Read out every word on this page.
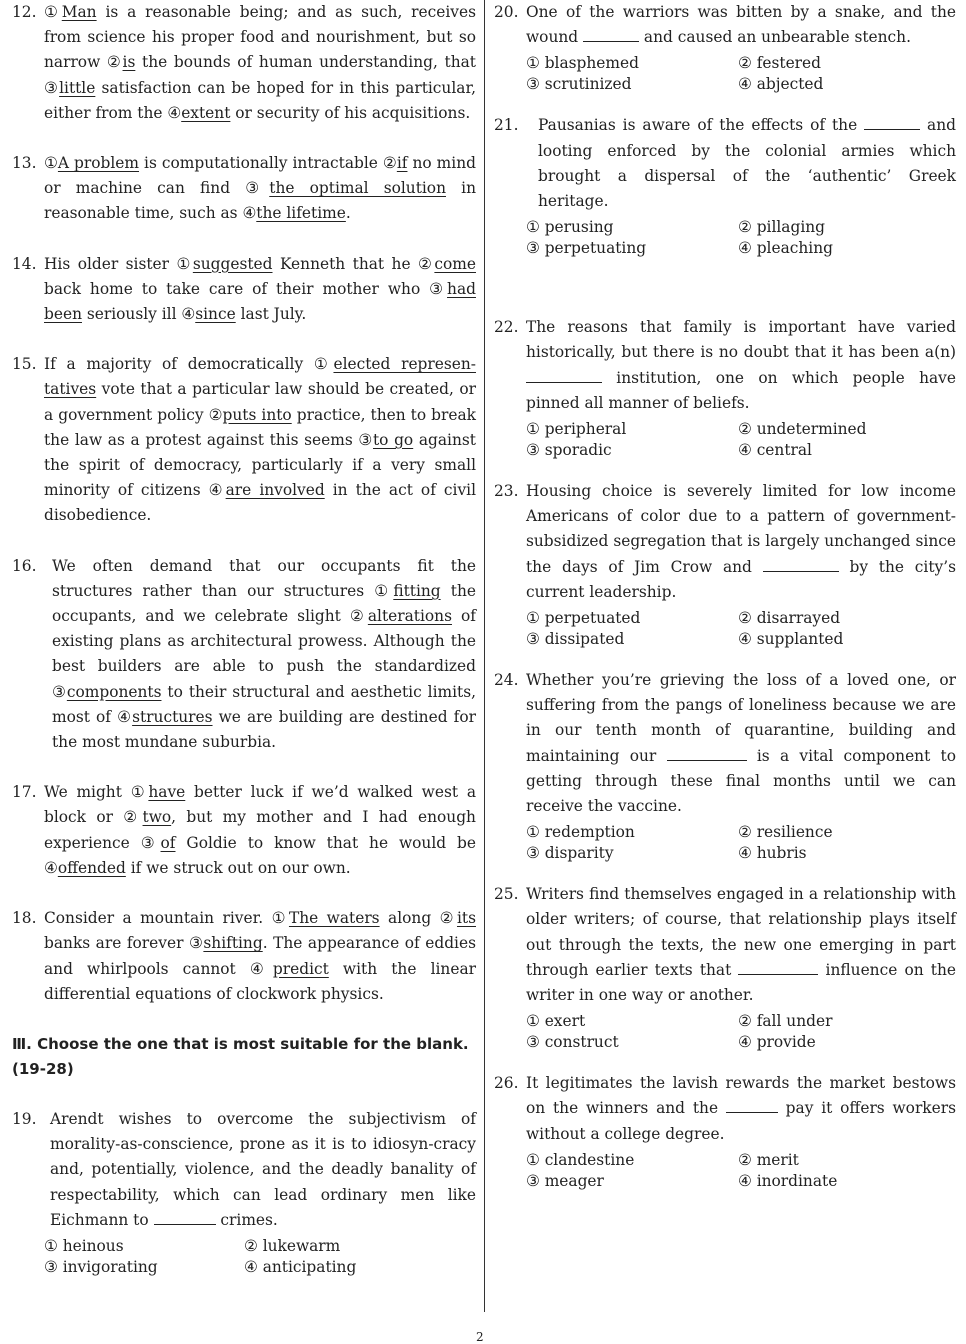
12. ①Man is a reasonable being; and as such, receives from science his proper food and nourishment, but so narrow ②is the bounds of human understanding, that ③little satisfaction can be hoped for in this particular, either from the ④extent or security of his acquisitions.
13. ①A problem is computationally intractable ②if no mind or machine can find ③the optimal solution in reasonable time, such as ④the lifetime.
14. His older sister ①suggested Kenneth that he ②come back home to take care of their mother who ③had been seriously ill ④since last July.
15. If a majority of democratically ①elected represen-tatives vote that a particular law should be created, or a government policy ②puts into practice, then to break the law as a protest against this seems ③to go against the spirit of democracy, particularly if a very small minority of citizens ④are involved in the act of civil disobedience.
16.	We often demand that our occupants fit the structures rather than our structures ①fitting the occupants, and we celebrate slight ②alterations of existing plans as architectural prowess. Although the best builders are able to push the standardized ③components to their structural and aesthetic limits, most of ④structures we are building are destined for the most mundane suburbia.
17. We might ①have better luck if we’d walked west a block or ②two, but my mother and I had enough experience ③of Goldie to know that he would be ④offended if we struck out on our own.
18. Consider a mountain river. ①The waters along ②its banks are forever ③shifting. The appearance of eddies and whirlpools cannot ④predict with the linear differential equations of clockwork physics.
Ⅲ. Choose the one that is most suitable for the blank. (19-28)
19. Arendt wishes to overcome the subjectivism of morality-as-conscience, prone as it is to idiosyn-cracy and, potentially, violence, and the deadly banality of respectability, which can lead ordinary men like Eichmann to	crimes.
① heinous	② lukewarm
③ invigorating	④ anticipating
20. One of the warriors was bitten by a snake, and the wound	and caused an unbearable stench.
① blasphemed	② festered
③ scrutinized	④ abjected
21.	Pausanias is aware of the effects of the	and looting enforced by the colonial armies which brought a dispersal of the ‘authentic’ Greek heritage.
① perusing	② pillaging
③ perpetuating	④ pleaching
22. The reasons that family is important have varied historically, but there is no doubt that it has been a(n)  institution, one on which people have pinned all manner of beliefs.
① peripheral	② undetermined
③ sporadic	④ central
23. Housing choice is severely limited for low income Americans of color due to a pattern of government-subsidized segregation that is largely unchanged since the days of Jim Crow and	by the city’s current leadership.
① perpetuated	② disarrayed
③ dissipated	④ supplanted
24. Whether you’re grieving the loss of a loved one, or suffering from the pangs of loneliness because we are in our tenth month of quarantine, building and maintaining our	is a vital component to getting through these final months until we can receive the vaccine.
① redemption	② resilience
③ disparity	④ hubris
25. Writers find themselves engaged in a relationship with older writers; of course, that relationship plays itself out through the texts, the new one emerging in part through earlier texts that	influence on the writer in one way or another.
① exert	② fall under
③ construct	④ provide
26. It legitimates the lavish rewards the market bestows on the winners and the	pay it offers workers without a college degree.
① clandestine	② merit
③ meager	④ inordinate
2
